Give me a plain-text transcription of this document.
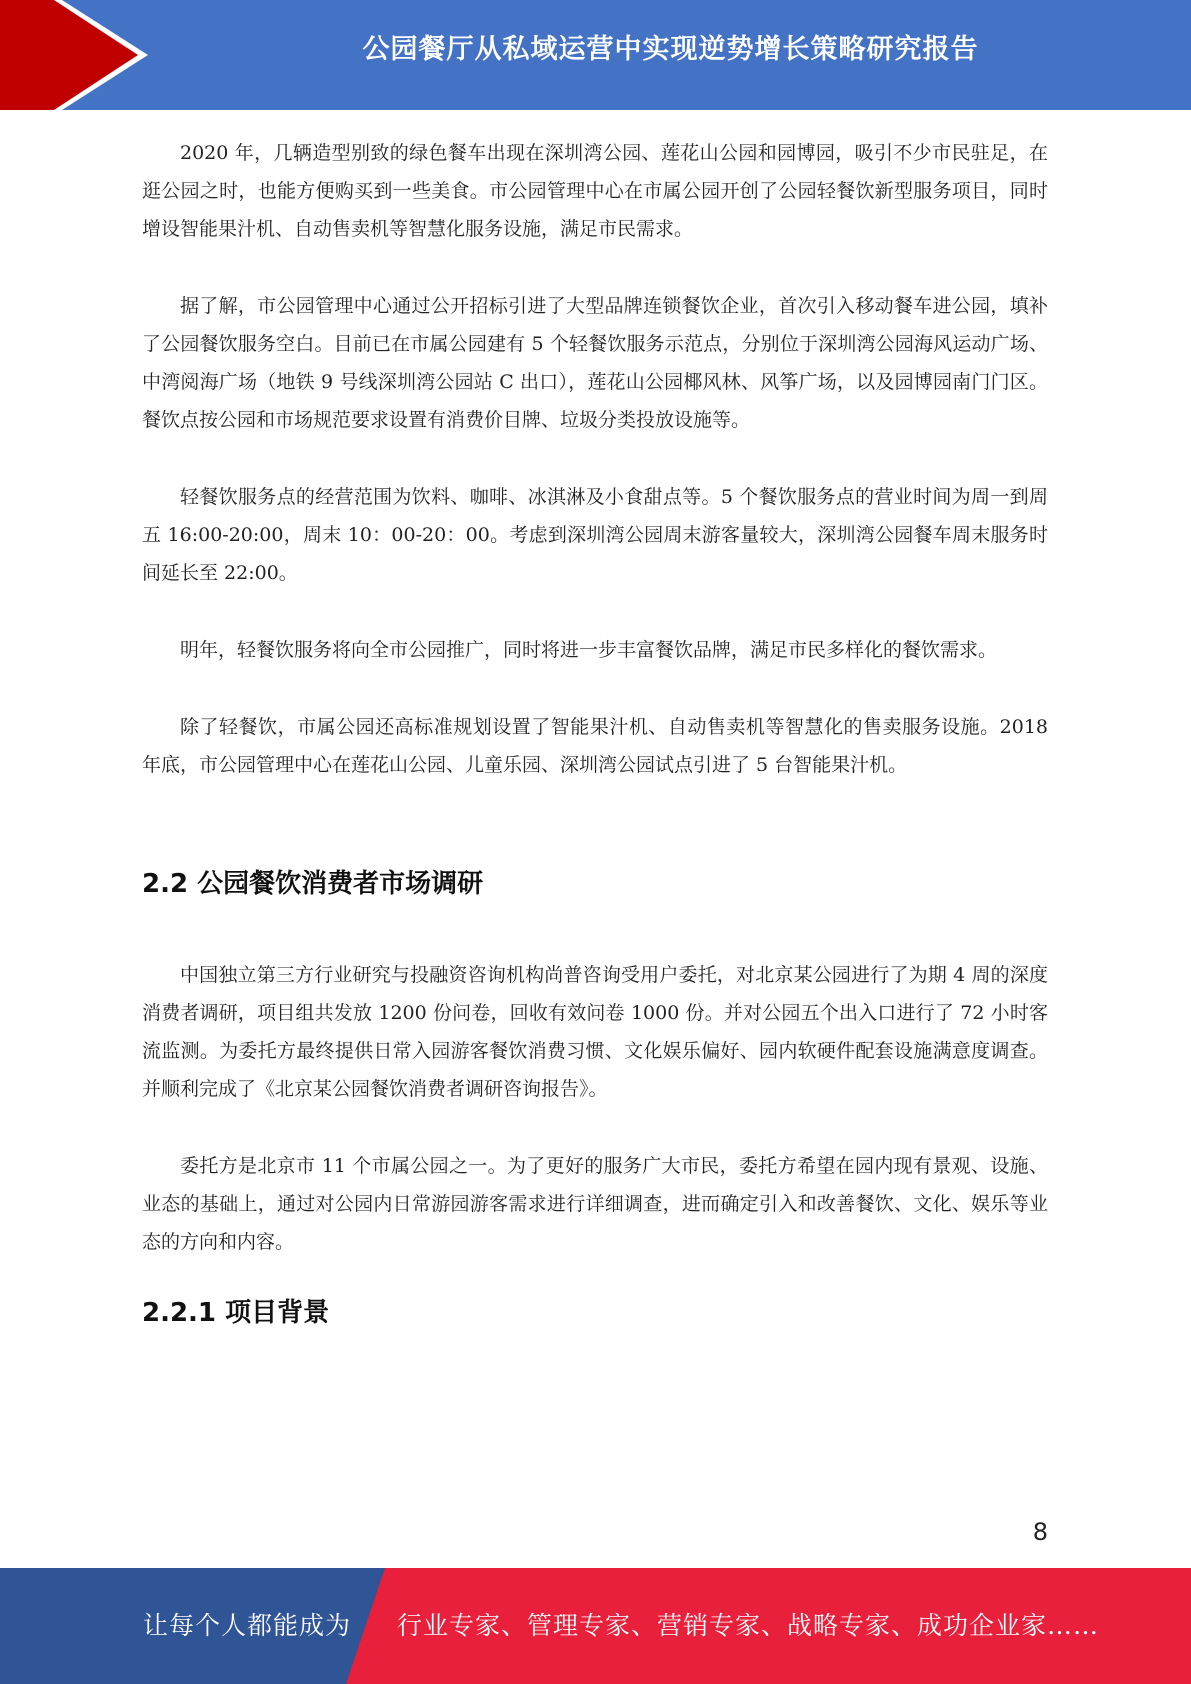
公园餐厅从私域运营中实现逆势增长策略研究报告

2020 年，几辆造型别致的绿色餐车出现在深圳湾公园、莲花山公园和园博园，吸引不少市民驻足，在逛公园之时，也能方便购买到一些美食。市公园管理中心在市属公园开创了公园轻餐饮新型服务项目，同时增设智能果汁机、自动售卖机等智慧化服务设施，满足市民需求。

据了解，市公园管理中心通过公开招标引进了大型品牌连锁餐饮企业，首次引入移动餐车进公园，填补了公园餐饮服务空白。目前已在市属公园建有 5 个轻餐饮服务示范点，分别位于深圳湾公园海风运动广场、中湾阅海广场（地铁 9 号线深圳湾公园站 C 出口），莲花山公园椰风林、风筝广场，以及园博园南门门区。餐饮点按公园和市场规范要求设置有消费价目牌、垃圾分类投放设施等。

轻餐饮服务点的经营范围为饮料、咖啡、冰淇淋及小食甜点等。5 个餐饮服务点的营业时间为周一到周五 16:00-20:00，周末 10：00-20：00。考虑到深圳湾公园周末游客量较大，深圳湾公园餐车周末服务时间延长至 22:00。

明年，轻餐饮服务将向全市公园推广，同时将进一步丰富餐饮品牌，满足市民多样化的餐饮需求。

除了轻餐饮，市属公园还高标准规划设置了智能果汁机、自动售卖机等智慧化的售卖服务设施。2018 年底，市公园管理中心在莲花山公园、儿童乐园、深圳湾公园试点引进了 5 台智能果汁机。

2.2 公园餐饮消费者市场调研

中国独立第三方行业研究与投融资咨询机构尚普咨询受用户委托，对北京某公园进行了为期 4 周的深度消费者调研，项目组共发放 1200 份问卷，回收有效问卷 1000 份。并对公园五个出入口进行了 72 小时客流监测。为委托方最终提供日常入园游客餐饮消费习惯、文化娱乐偏好、园内软硬件配套设施满意度调查。并顺利完成了《北京某公园餐饮消费者调研咨询报告》。

委托方是北京市 11 个市属公园之一。为了更好的服务广大市民，委托方希望在园内现有景观、设施、业态的基础上，通过对公园内日常游园游客需求进行详细调查，进而确定引入和改善餐饮、文化、娱乐等业态的方向和内容。

2.2.1 项目背景
8
让每个人都能成为 行业专家、管理专家、营销专家、战略专家、成功企业家……
